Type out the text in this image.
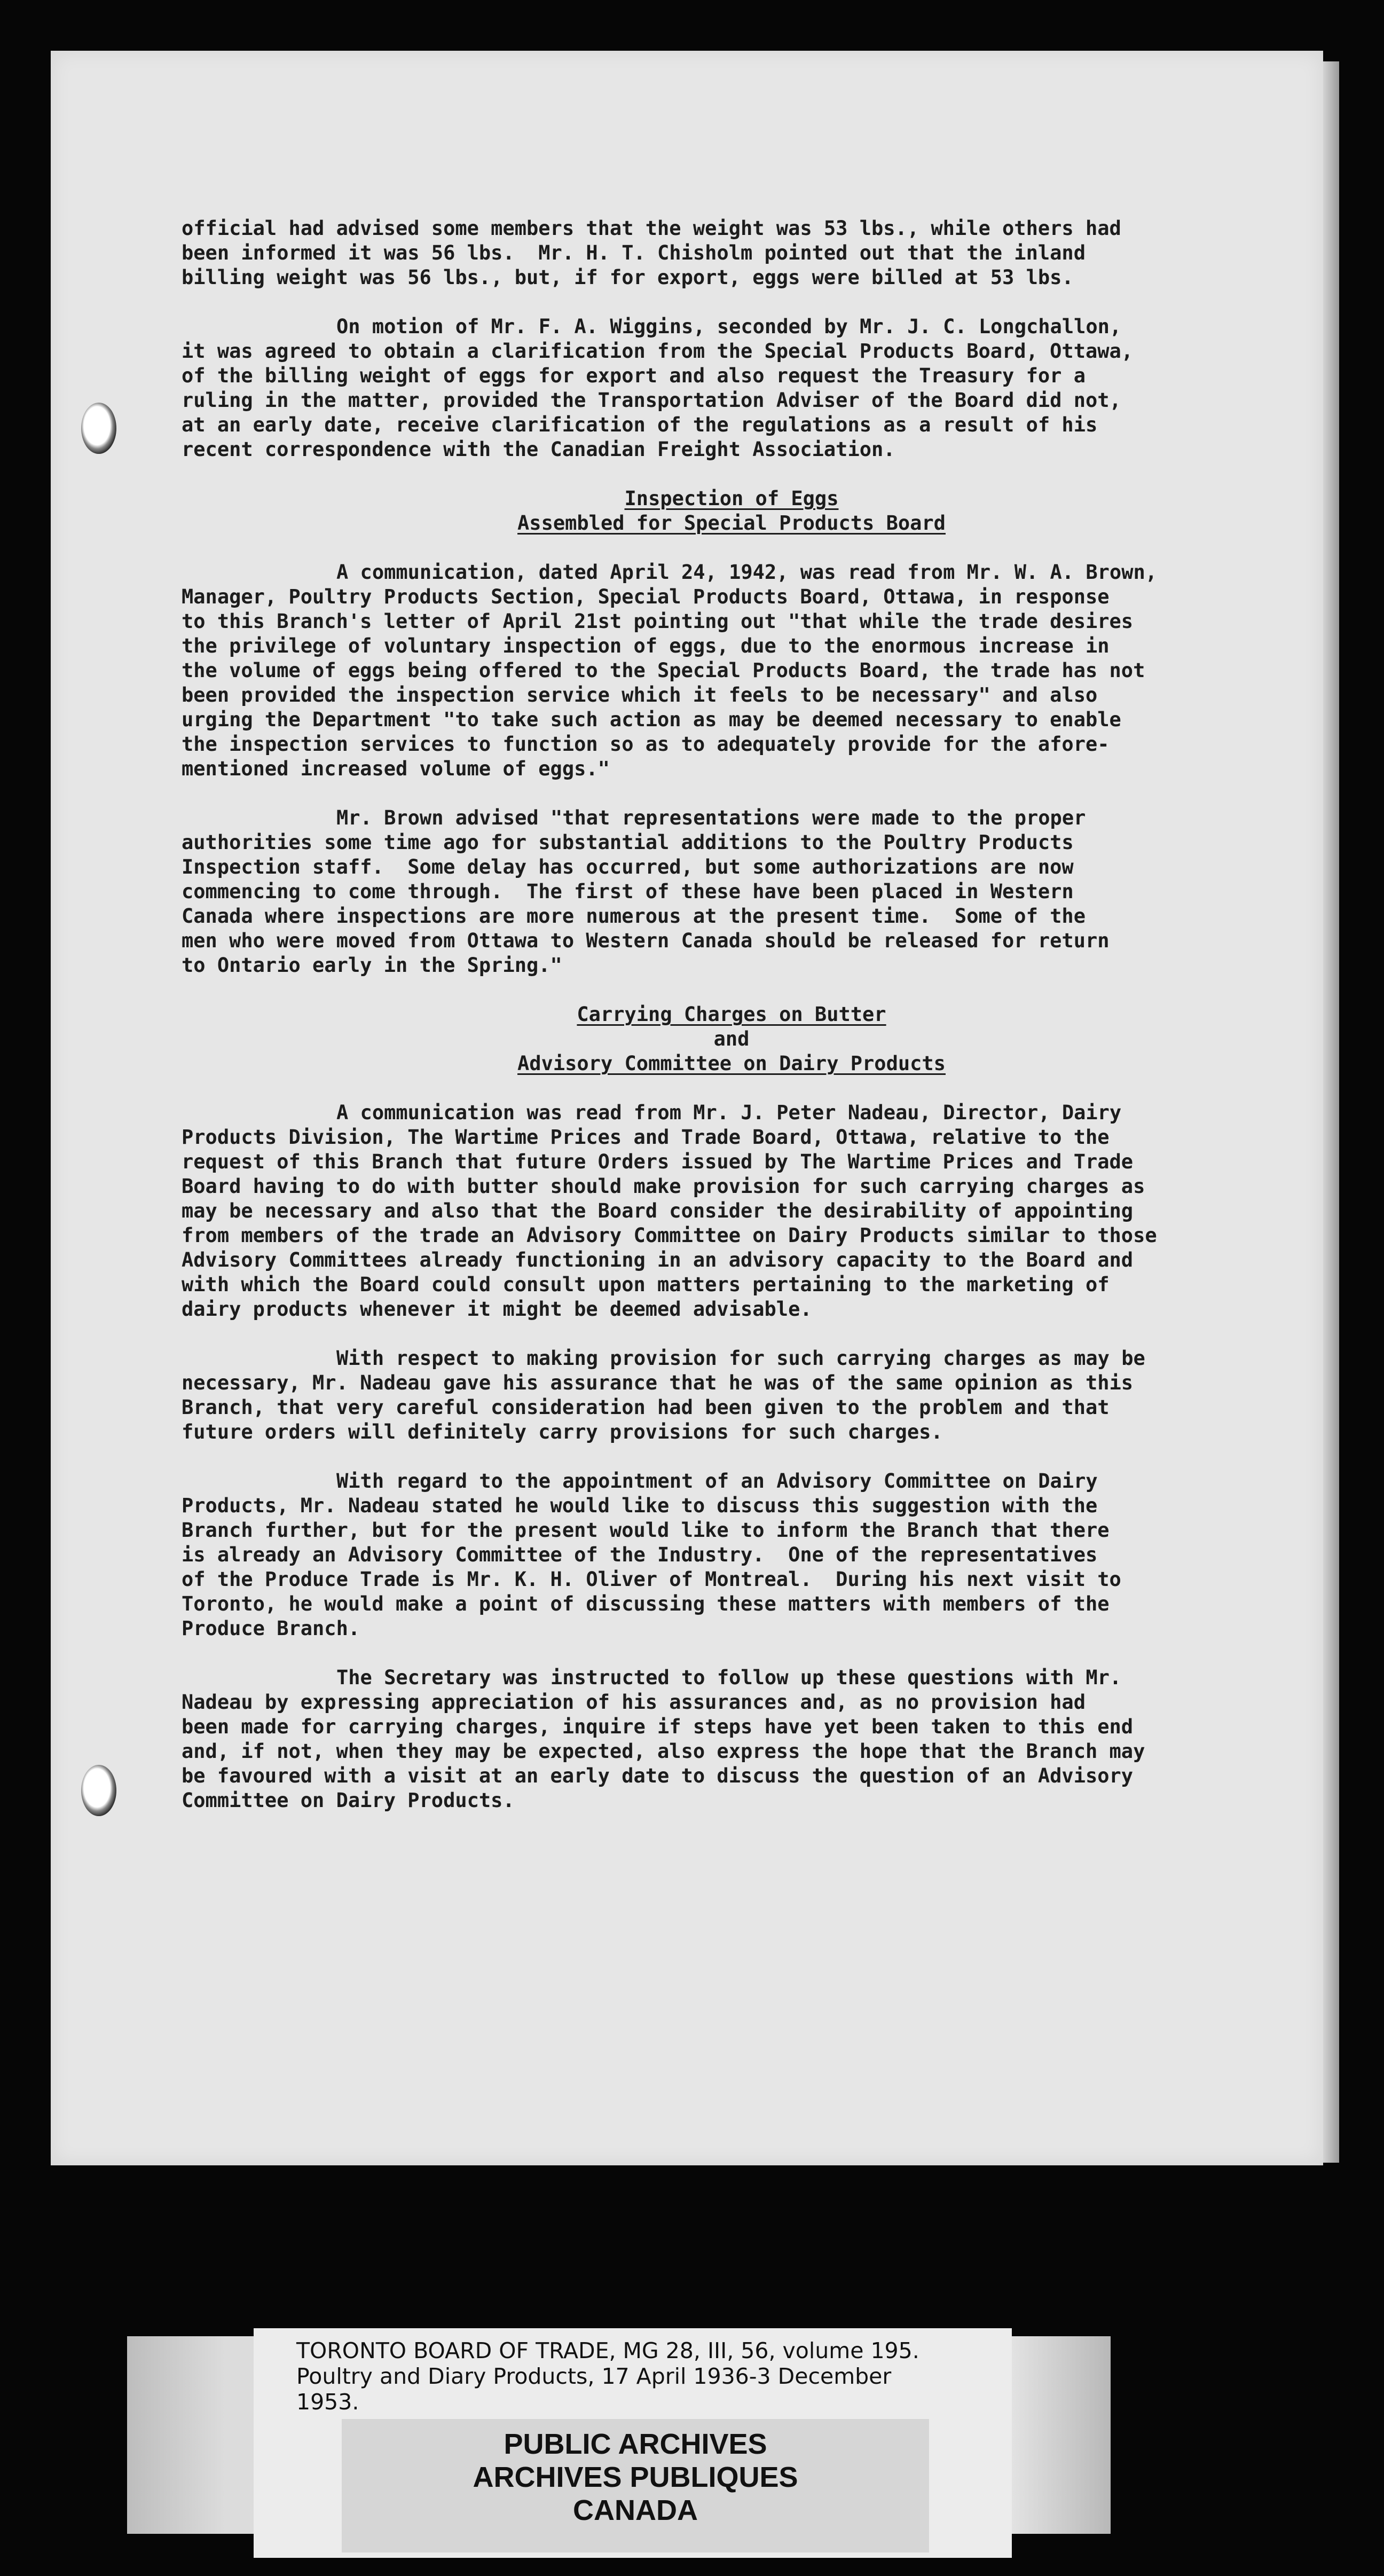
official had advised some members that the weight was 53 lbs., while others had
been informed it was 56 lbs.  Mr. H. T. Chisholm pointed out that the inland
billing weight was 56 lbs., but, if for export, eggs were billed at 53 lbs.

On motion of Mr. F. A. Wiggins, seconded by Mr. J. C. Longchallon,
it was agreed to obtain a clarification from the Special Products Board, Ottawa,
of the billing weight of eggs for export and also request the Treasury for a
ruling in the matter, provided the Transportation Adviser of the Board did not,
at an early date, receive clarification of the regulations as a result of his
recent correspondence with the Canadian Freight Association.

Inspection of Eggs

Assembled for Special Products Board

A communication, dated April 24, 1942, was read from Mr. W. A. Brown,
Manager, Poultry Products Section, Special Products Board, Ottawa, in response
to this Branch's letter of April 21st pointing out "that while the trade desires
the privilege of voluntary inspection of eggs, due to the enormous increase in
the volume of eggs being offered to the Special Products Board, the trade has not
been provided the inspection service which it feels to be necessary" and also
urging the Department "to take such action as may be deemed necessary to enable
the inspection services to function so as to adequately provide for the afore-
mentioned increased volume of eggs."

Mr. Brown advised "that representations were made to the proper
authorities some time ago for substantial additions to the Poultry Products
Inspection staff.  Some delay has occurred, but some authorizations are now
commencing to come through.  The first of these have been placed in Western
Canada where inspections are more numerous at the present time.  Some of the
men who were moved from Ottawa to Western Canada should be released for return
to Ontario early in the Spring."

Carrying Charges on Butter

and

Advisory Committee on Dairy Products

A communication was read from Mr. J. Peter Nadeau, Director, Dairy
Products Division, The Wartime Prices and Trade Board, Ottawa, relative to the
request of this Branch that future Orders issued by The Wartime Prices and Trade
Board having to do with butter should make provision for such carrying charges as
may be necessary and also that the Board consider the desirability of appointing
from members of the trade an Advisory Committee on Dairy Products similar to those
Advisory Committees already functioning in an advisory capacity to the Board and
with which the Board could consult upon matters pertaining to the marketing of
dairy products whenever it might be deemed advisable.

With respect to making provision for such carrying charges as may be
necessary, Mr. Nadeau gave his assurance that he was of the same opinion as this
Branch, that very careful consideration had been given to the problem and that
future orders will definitely carry provisions for such charges.

With regard to the appointment of an Advisory Committee on Dairy
Products, Mr. Nadeau stated he would like to discuss this suggestion with the
Branch further, but for the present would like to inform the Branch that there
is already an Advisory Committee of the Industry.  One of the representatives
of the Produce Trade is Mr. K. H. Oliver of Montreal.  During his next visit to
Toronto, he would make a point of discussing these matters with members of the
Produce Branch.

The Secretary was instructed to follow up these questions with Mr.
Nadeau by expressing appreciation of his assurances and, as no provision had
been made for carrying charges, inquire if steps have yet been taken to this end
and, if not, when they may be expected, also express the hope that the Branch may
be favoured with a visit at an early date to discuss the question of an Advisory
Committee on Dairy Products.

TORONTO BOARD OF TRADE, MG 28, III, 56, volume 195.
Poultry and Diary Products, 17 April 1936-3 December
1953.
PUBLIC ARCHIVES
ARCHIVES PUBLIQUES
CANADA
